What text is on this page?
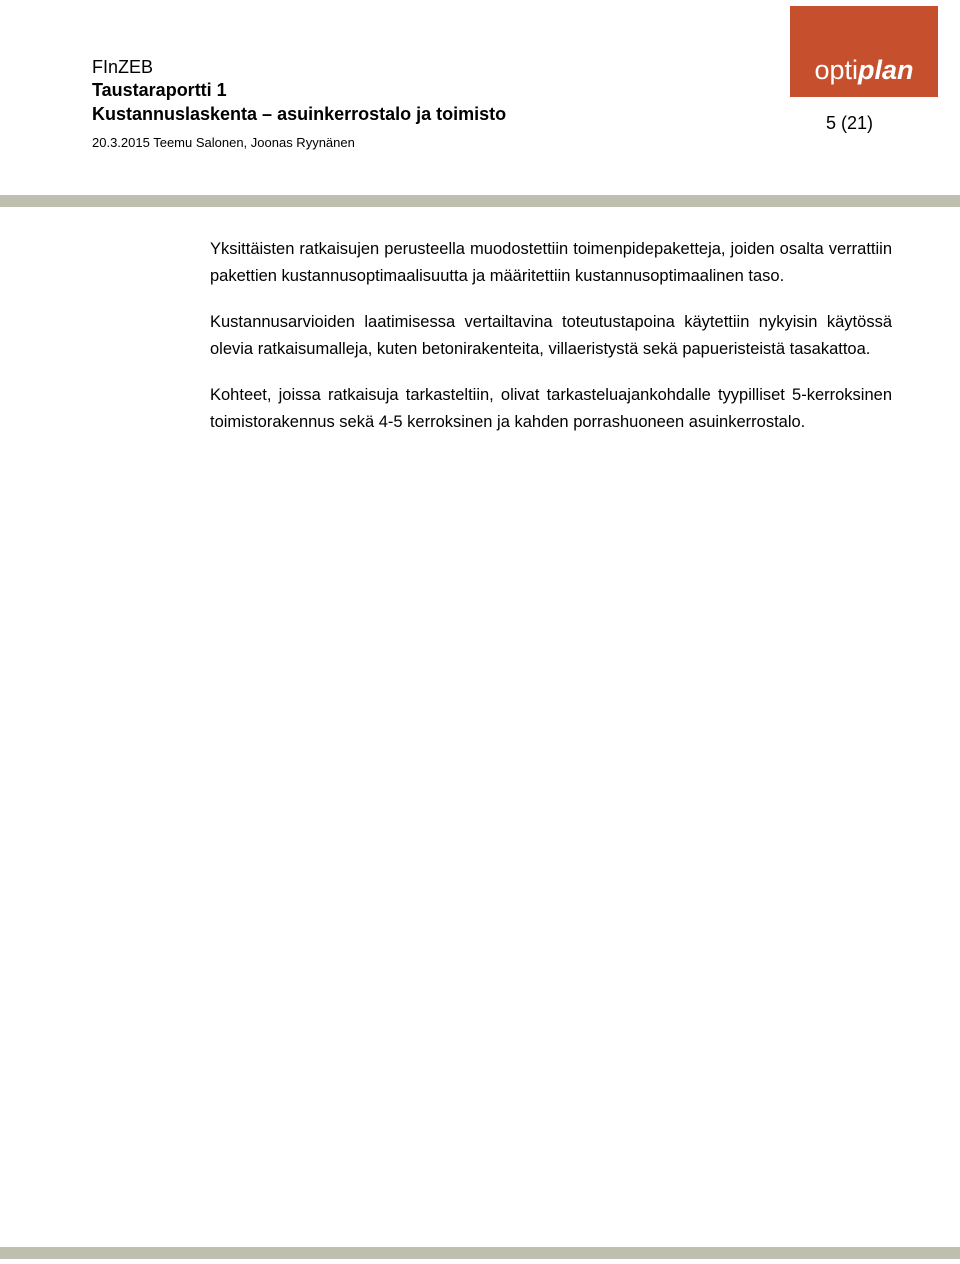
FInZEB

Taustaraportti 1

Kustannuslaskenta – asuinkerrostalo ja toimisto

20.3.2015 Teemu Salonen, Joonas Ryynänen
optiplan
5 (21)

Yksittäisten ratkaisujen perusteella muodostettiin toimenpidepaketteja, joiden osalta verrattiin pakettien kustannusoptimaalisuutta ja määritettiin kustannusoptimaalinen taso.

Kustannusarvioiden laatimisessa vertailtavina toteutustapoina käytettiin nykyisin käytössä olevia ratkaisumalleja, kuten betonirakenteita, villaeristystä sekä papueristeistä tasakattoa.

Kohteet, joissa ratkaisuja tarkasteltiin, olivat tarkasteluajankohdalle tyypilliset 5-kerroksinen toimistorakennus sekä 4-5 kerroksinen ja kahden porrashuoneen asuinkerrostalo.
